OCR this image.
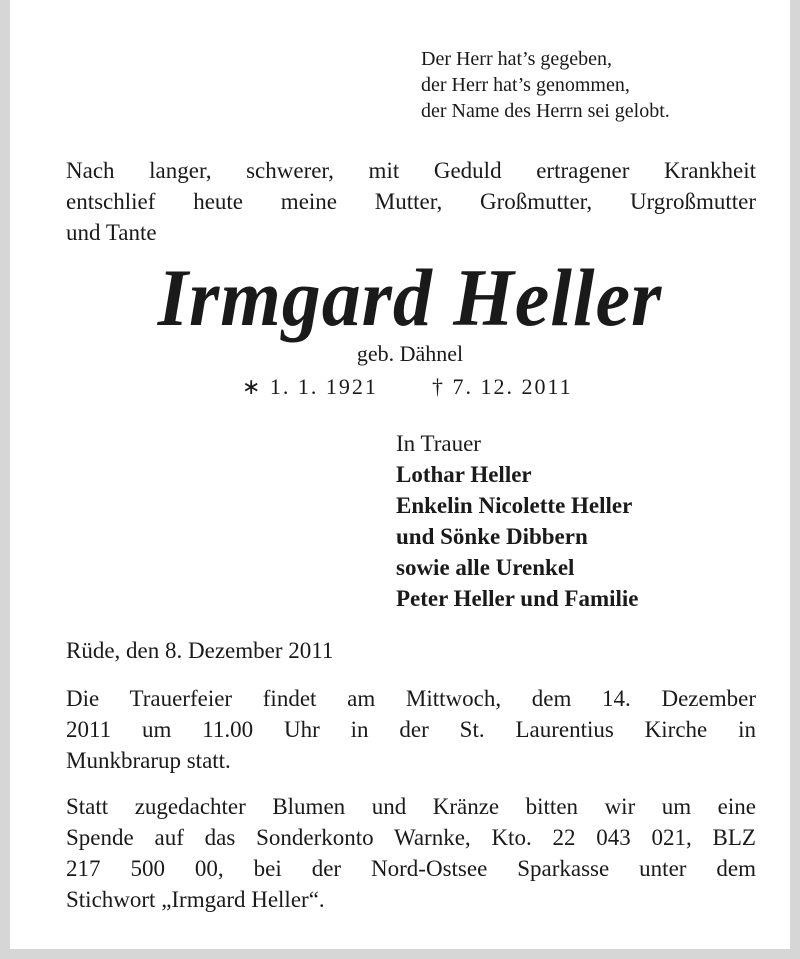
Der Herr hat’s gegeben,
der Herr hat’s genommen,
der Name des Herrn sei gelobt.
Nach langer, schwerer, mit Geduld ertragener Krankheit
entschlief heute meine Mutter, Großmutter, Urgroßmutter
und Tante
Irmgard Heller
geb. Dähnel
∗ 1. 1. 1921 † 7. 12. 2011
In Trauer
Lothar Heller
Enkelin Nicolette Heller
und Sönke Dibbern
sowie alle Urenkel
Peter Heller und Familie
Rüde, den 8. Dezember 2011
Die Trauerfeier findet am Mittwoch, dem 14. Dezember
2011 um 11.00 Uhr in der St. Laurentius Kirche in
Munkbrarup statt.
Statt zugedachter Blumen und Kränze bitten wir um eine
Spende auf das Sonderkonto Warnke, Kto. 22 043 021, BLZ
217 500 00, bei der Nord-Ostsee Sparkasse unter dem
Stichwort „Irmgard Heller“.
